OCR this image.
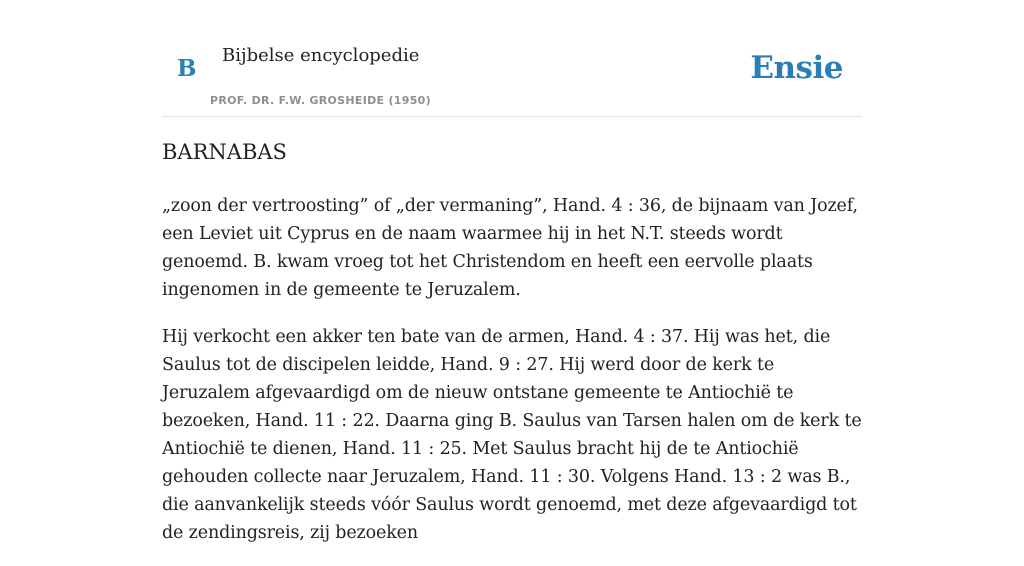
B Bijbelse encyclopedie
PROF. DR. F.W. GROSHEIDE (1950)
Ensie
BARNABAS

„zoon der vertroosting” of „der vermaning”, Hand. 4 : 36, de bijnaam van Jozef, een Leviet uit Cyprus en de naam waarmee hij in het N.T. steeds wordt genoemd. B. kwam vroeg tot het Christendom en heeft een eervolle plaats ingenomen in de gemeente te Jeruzalem.

Hij verkocht een akker ten bate van de armen, Hand. 4 : 37. Hij was het, die Saulus tot de discipelen leidde, Hand. 9 : 27. Hij werd door de kerk te Jeruzalem afgevaardigd om de nieuw ontstane gemeente te Antiochië te bezoeken, Hand. 11 : 22. Daarna ging B. Saulus van Tarsen halen om de kerk te Antiochië te dienen, Hand. 11 : 25. Met Saulus bracht hij de te Antiochië gehouden collecte naar Jeruzalem, Hand. 11 : 30. Volgens Hand. 13 : 2 was B., die aanvankelijk steeds vóór Saulus wordt genoemd, met deze afgevaardigd tot de zendingsreis, zij bezoeken
